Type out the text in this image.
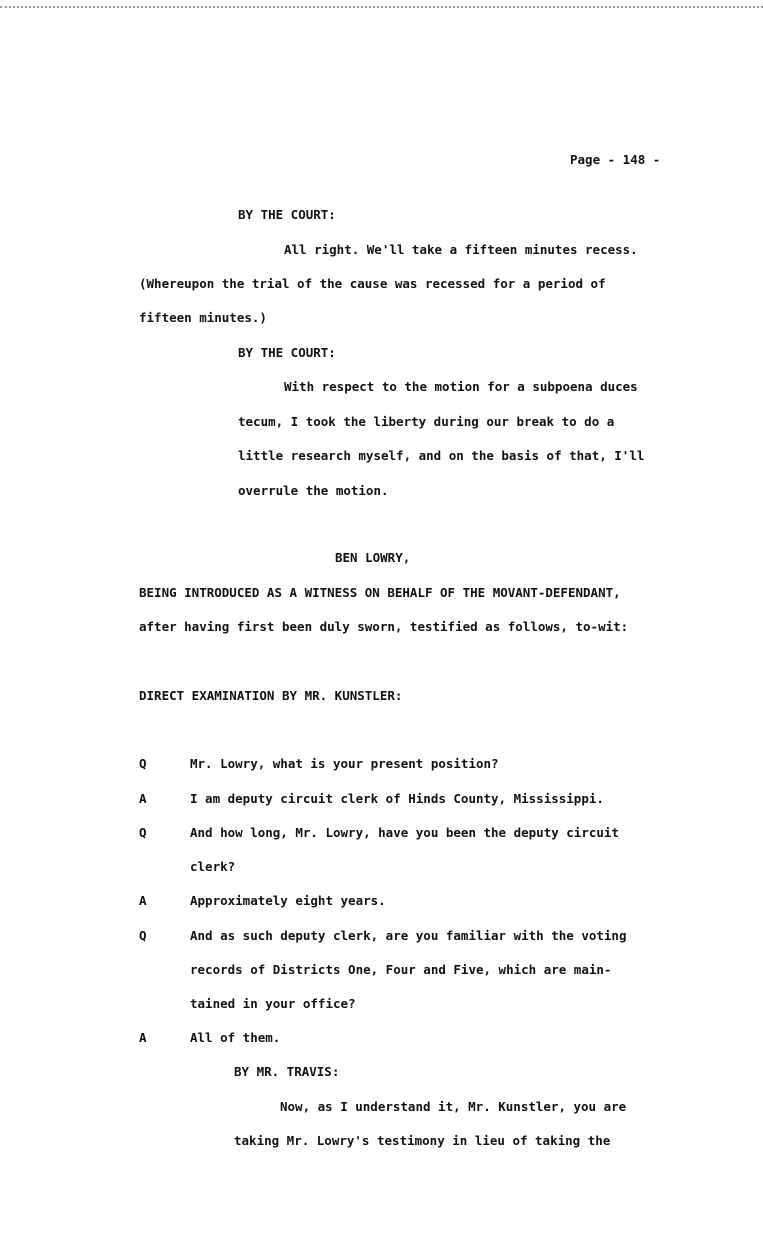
Page - 148 -
BY THE COURT:
All right. We'll take a fifteen minutes recess.
(Whereupon the trial of the cause was recessed for a period of
fifteen minutes.)
BY THE COURT:
With respect to the motion for a subpoena duces
tecum, I took the liberty during our break to do a
little research myself, and on the basis of that, I'll
overrule the motion.
BEN LOWRY,
BEING INTRODUCED AS A WITNESS ON BEHALF OF THE MOVANT-DEFENDANT,
after having first been duly sworn, testified as follows, to-wit:
DIRECT EXAMINATION BY MR. KUNSTLER:
Q	Mr. Lowry, what is your present position?
A	I am deputy circuit clerk of Hinds County, Mississippi.
Q	And how long, Mr. Lowry, have you been the deputy circuit
clerk?
A	Approximately eight years.
Q	And as such deputy clerk, are you familiar with the voting
records of Districts One, Four and Five, which are main-
tained in your office?
A	All of them.
BY MR. TRAVIS:
Now, as I understand it, Mr. Kunstler, you are
taking Mr. Lowry's testimony in lieu of taking the
